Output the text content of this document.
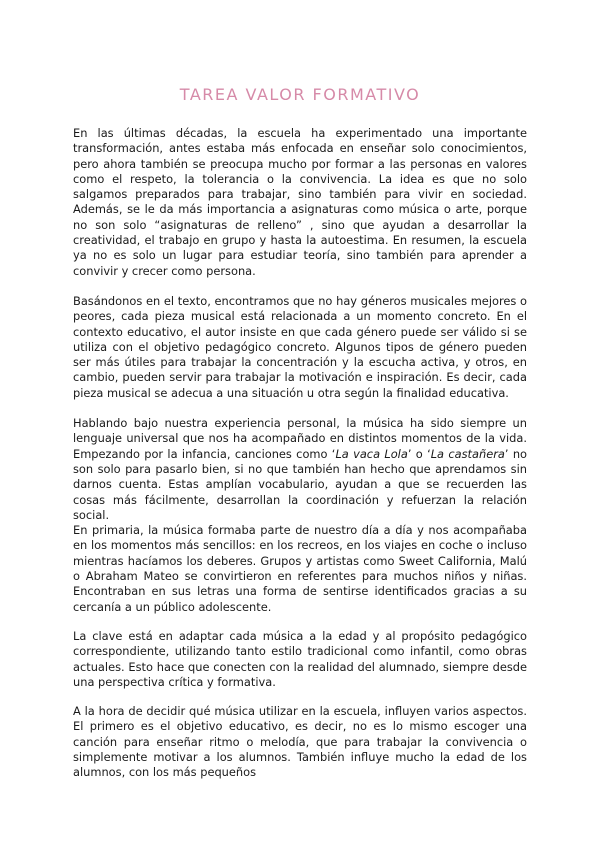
TAREA VALOR FORMATIVO

En las últimas décadas, la escuela ha experimentado una importante transformación, antes estaba más enfocada en enseñar solo conocimientos, pero ahora también se preocupa mucho por formar a las personas en valores como el respeto, la tolerancia o la convivencia. La idea es que no solo salgamos preparados para trabajar, sino también para vivir en sociedad. Además, se le da más importancia a asignaturas como música o arte, porque no son solo “asignaturas de relleno” , sino que ayudan a desarrollar la creatividad, el trabajo en grupo y hasta la autoestima. En resumen, la escuela ya no es solo un lugar para estudiar teoría, sino también para aprender a convivir y crecer como persona.

Basándonos en el texto, encontramos que no hay géneros musicales mejores o peores, cada pieza musical está relacionada a un momento concreto. En el contexto educativo, el autor insiste en que cada género puede ser válido si se utiliza con el objetivo pedagógico concreto. Algunos tipos de género pueden ser más útiles para trabajar la concentración y la escucha activa, y otros, en cambio, pueden servir para trabajar la motivación e inspiración. Es decir, cada pieza musical se adecua a una situación u otra según la finalidad educativa.

Hablando bajo nuestra experiencia personal, la música ha sido siempre un lenguaje universal que nos ha acompañado en distintos momentos de la vida. Empezando por la infancia, canciones como ‘La vaca Lola’ o ‘La castañera’ no son solo para pasarlo bien, si no que también han hecho que aprendamos sin darnos cuenta. Estas amplían vocabulario, ayudan a que se recuerden las cosas más fácilmente, desarrollan la coordinación y refuerzan la relación social.

En primaria, la música formaba parte de nuestro día a día y nos acompañaba en los momentos más sencillos: en los recreos, en los viajes en coche o incluso mientras hacíamos los deberes. Grupos y artistas como Sweet California, Malú o Abraham Mateo se convirtieron en referentes para muchos niños y niñas. Encontraban en sus letras una forma de sentirse identificados gracias a su cercanía a un público adolescente.

La clave está en adaptar cada música a la edad y al propósito pedagógico correspondiente, utilizando tanto estilo tradicional como infantil, como obras actuales. Esto hace que conecten con la realidad del alumnado, siempre desde una perspectiva crítica y formativa.

A la hora de decidir qué música utilizar en la escuela, influyen varios aspectos. El primero es el objetivo educativo, es decir, no es lo mismo escoger una canción para enseñar ritmo o melodía, que para trabajar la convivencia o simplemente motivar a los alumnos. También influye mucho la edad de los alumnos, con los más pequeños
